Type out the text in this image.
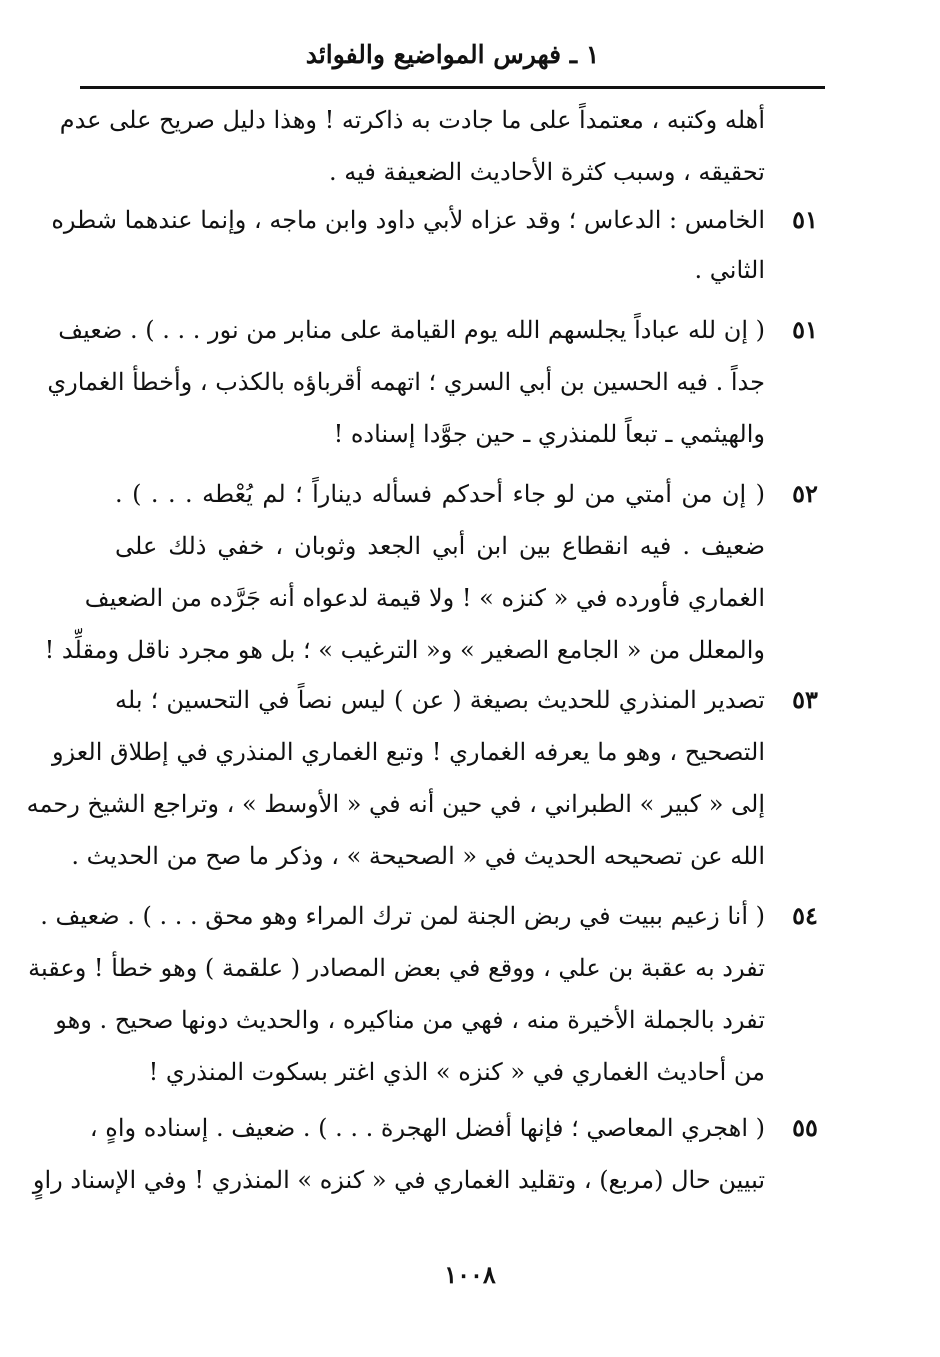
١ ـ فهرس المواضيع والفوائد
أهله وكتبه ، معتمداً على ما جادت به ذاكرته ! وهذا دليل صريح على عدم
تحقيقه ، وسبب كثرة الأحاديث الضعيفة فيه .
٥١
الخامس : الدعاس ؛ وقد عزاه لأبي داود وابن ماجه ، وإنما عندهما شطره
الثاني .
٥١
( إن لله عباداً يجلسهم الله يوم القيامة على منابر من نور . . . ) . ضعيف
جداً . فيه الحسين بن أبي السري ؛ اتهمه أقرباؤه بالكذب ، وأخطأ الغماري
والهيثمي ـ تبعاً للمنذري ـ حين جوَّدا إسناده !
٥٢
( إن من أمتي من لو جاء أحدكم فسأله ديناراً ؛ لم يُعْطه . . . ) .
ضعيف . فيه انقطاع بين ابن أبي الجعد وثوبان ، خفي ذلك على
الغماري فأورده في « كنزه » ! ولا قيمة لدعواه أنه جَرَّده من الضعيف
والمعلل من « الجامع الصغير » و« الترغيب » ؛ بل هو مجرد ناقل ومقلِّد !
٥٣
تصدير المنذري للحديث بصيغة ( عن ) ليس نصاً في التحسين ؛ بله
التصحيح ، وهو ما يعرفه الغماري ! وتبع الغماري المنذري في إطلاق العزو
إلى « كبير » الطبراني ، في حين أنه في « الأوسط » ، وتراجع الشيخ رحمه
الله عن تصحيحه الحديث في « الصحيحة » ، وذكر ما صح من الحديث .
٥٤
( أنا زعيم ببيت في ربض الجنة لمن ترك المراء وهو محق . . . ) . ضعيف .
تفرد به عقبة بن علي ، ووقع في بعض المصادر ( علقمة ) وهو خطأ ! وعقبة
تفرد بالجملة الأخيرة منه ، فهي من مناكيره ، والحديث دونها صحيح . وهو
من أحاديث الغماري في « كنزه » الذي اغتر بسكوت المنذري !
٥٥
( اهجري المعاصي ؛ فإنها أفضل الهجرة . . . ) . ضعيف . إسناده واهٍ ،
تبيين حال (مربع) ، وتقليد الغماري في « كنزه » المنذري ! وفي الإسناد راوٍ
١٠٠٨
